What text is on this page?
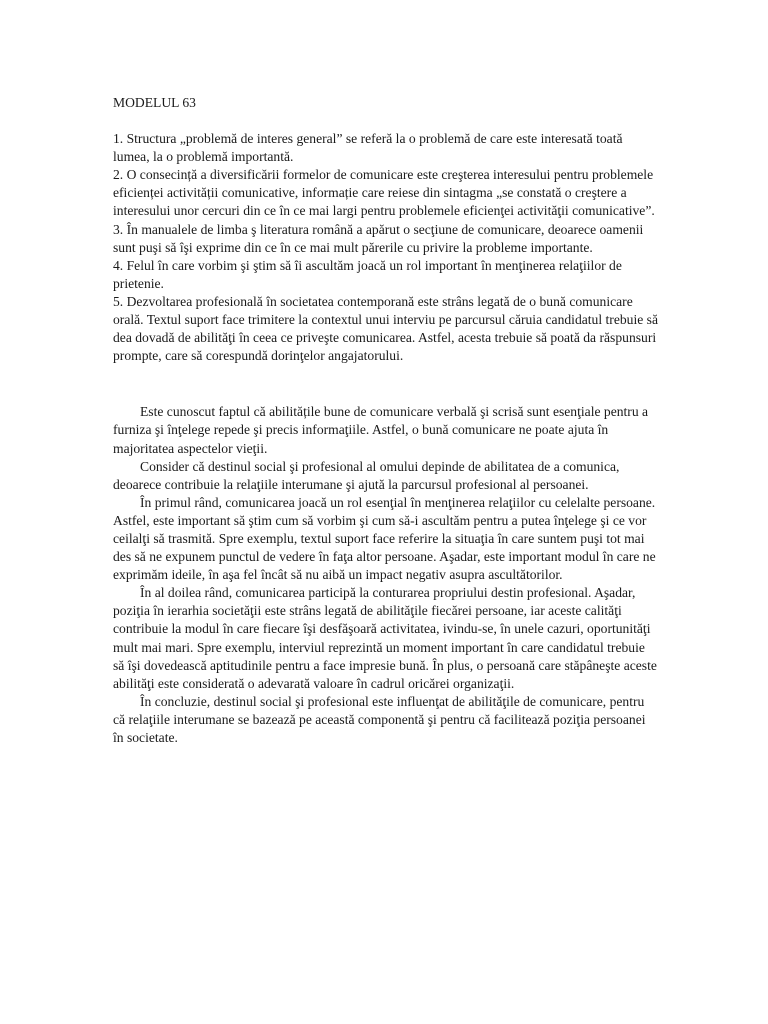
MODELUL 63

1. Structura „problemă de interes general” se referă la o problemă de care este interesată toată lumea, la o problemă importantă.

2. O consecință a diversificării formelor de comunicare este creşterea interesului pentru problemele eficienței activității comunicative, informație care reiese din sintagma „se constată o creştere a interesului unor cercuri din ce în ce mai largi pentru problemele eficienţei activităţii comunicative”.

3. În manualele de limba ş literatura română a apărut o secţiune de comunicare, deoarece oamenii sunt puşi să îşi exprime din ce în ce mai mult părerile cu privire la probleme importante.

4. Felul în care vorbim şi ştim să îi ascultăm joacă un rol important în menţinerea relaţiilor de prietenie.

5. Dezvoltarea profesională în societatea contemporană este strâns legată de o bună comunicare orală. Textul suport face trimitere la contextul unui interviu pe parcursul căruia candidatul trebuie să dea dovadă de abilităţi în ceea ce priveşte comunicarea. Astfel, acesta trebuie să poată da răspunsuri prompte, care să corespundă dorinţelor angajatorului.

Este cunoscut faptul că abilitățile bune de comunicare verbală şi scrisă sunt esenţiale pentru a furniza şi înţelege repede şi precis informaţiile. Astfel, o bună comunicare ne poate ajuta în majoritatea aspectelor vieţii.

Consider că destinul social şi profesional al omului depinde de abilitatea de a comunica, deoarece contribuie la relaţiile interumane şi ajută la parcursul profesional al persoanei.

În primul rând, comunicarea joacă un rol esenţial în menţinerea relaţiilor cu celelalte persoane. Astfel, este important să ştim cum să vorbim şi cum să-i ascultăm pentru a putea înţelege şi ce vor ceilalţi să trasmită. Spre exemplu, textul suport face referire la situaţia în care suntem puşi tot mai des să ne expunem punctul de vedere în faţa altor persoane. Aşadar, este important modul în care ne exprimăm ideile, în aşa fel încât să nu aibă un impact negativ asupra ascultătorilor.

În al doilea rând, comunicarea participă la conturarea propriului destin profesional. Aşadar, poziţia în ierarhia societăţii este strâns legată de abilităţile fiecărei persoane, iar aceste calităţi contribuie la modul în care fiecare îşi desfăşoară activitatea, ivindu-se, în unele cazuri, oportunităţi mult mai mari. Spre exemplu, interviul reprezintă un moment important în care candidatul trebuie să îşi dovedească aptitudinile pentru a face impresie bună. În plus, o persoană care stăpâneşte aceste abilităţi este considerată o adevarată valoare în cadrul oricărei organizaţii.

În concluzie, destinul social şi profesional este influenţat de abilităţile de comunicare, pentru că relaţiile interumane se bazează pe această componentă şi pentru că facilitează poziţia persoanei în societate.
